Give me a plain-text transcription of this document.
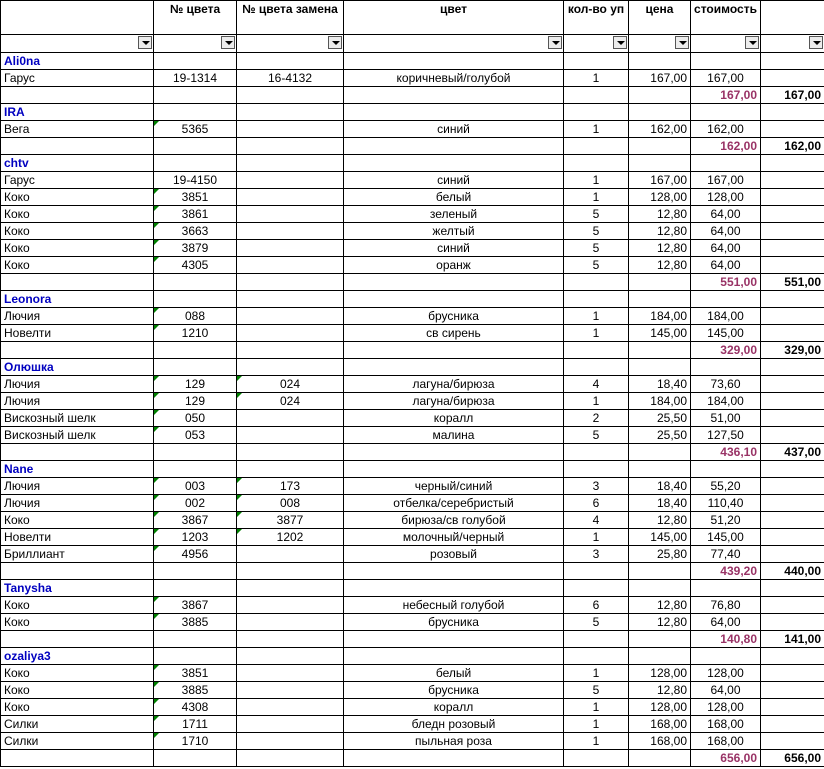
	№ цвета	№ цвета замена	цвет	кол-во уп	цена	стоимость	

Ali0na							
Гарус	19-1314	16-4132	коричневый/голубой	1	167,00	167,00	
						167,00	167,00
IRA							
Вега	5365		синий	1	162,00	162,00	
						162,00	162,00
chtv							
Гарус	19-4150		синий	1	167,00	167,00	
Коко	3851		белый	1	128,00	128,00	
Коко	3861		зеленый	5	12,80	64,00	
Коко	3663		желтый	5	12,80	64,00	
Коко	3879		синий	5	12,80	64,00	
Коко	4305		оранж	5	12,80	64,00	
						551,00	551,00
Leonora							
Лючия	088		брусника	1	184,00	184,00	
Новелти	1210		св сирень	1	145,00	145,00	
						329,00	329,00
Олюшка							
Лючия	129	024	лагуна/бирюза	4	18,40	73,60	
Лючия	129	024	лагуна/бирюза	1	184,00	184,00	
Вискозный шелк	050		коралл	2	25,50	51,00	
Вискозный шелк	053		малина	5	25,50	127,50	
						436,10	437,00
Nane							
Лючия	003	173	черный/синий	3	18,40	55,20	
Лючия	002	008	отбелка/серебристый	6	18,40	110,40	
Коко	3867	3877	бирюза/св голубой	4	12,80	51,20	
Новелти	1203	1202	молочный/черный	1	145,00	145,00	
Бриллиант	4956		розовый	3	25,80	77,40	
						439,20	440,00
Tanysha							
Коко	3867		небесный голубой	6	12,80	76,80	
Коко	3885		брусника	5	12,80	64,00	
						140,80	141,00
ozaliya3							
Коко	3851		белый	1	128,00	128,00	
Коко	3885		брусника	5	12,80	64,00	
Коко	4308		коралл	1	128,00	128,00	
Силки	1711		бледн розовый	1	168,00	168,00	
Силки	1710		пыльная роза	1	168,00	168,00	
						656,00	656,00
